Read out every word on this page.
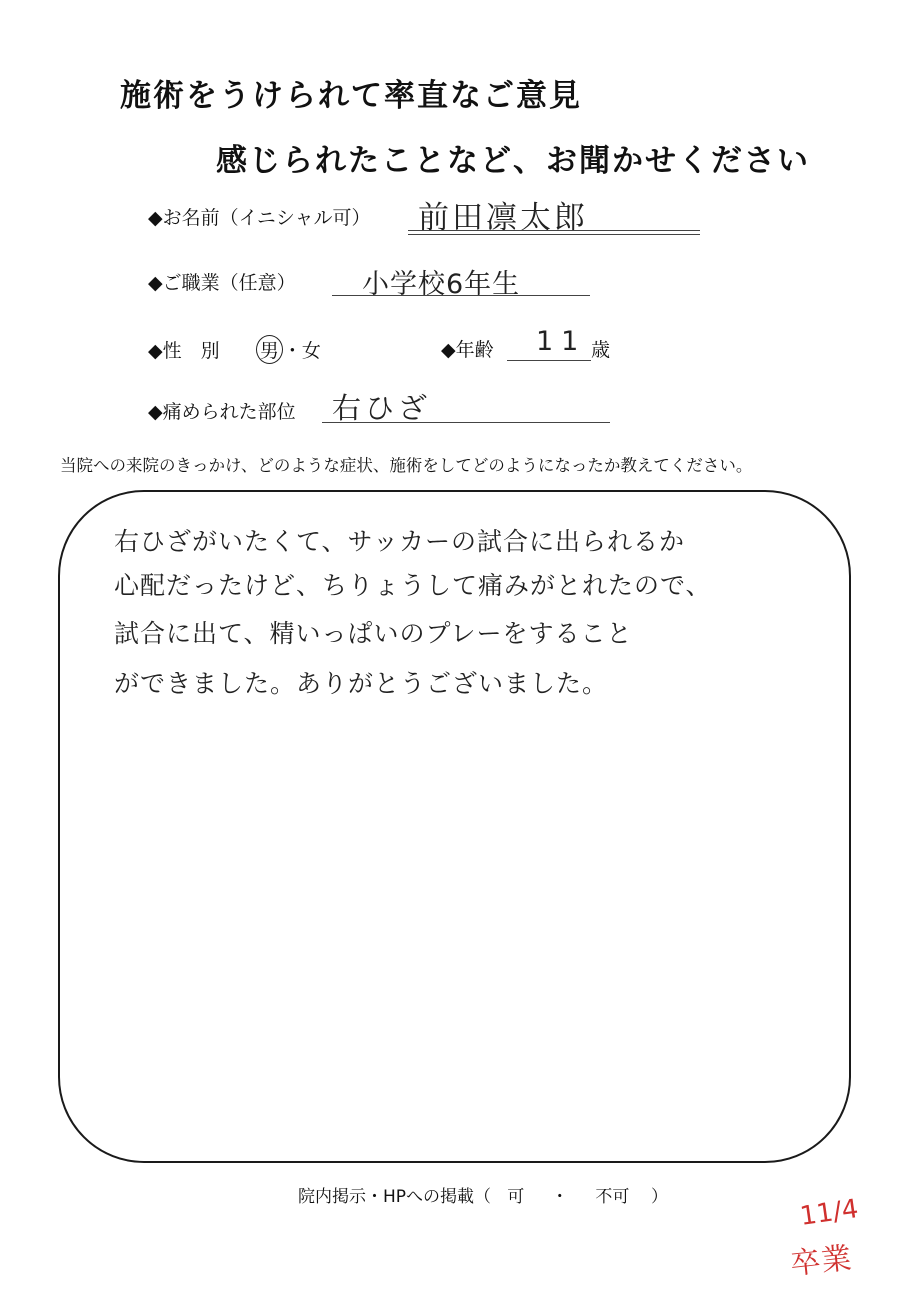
施術をうけられて率直なご意見
感じられたことなど、お聞かせください
◆お名前（イニシャル可） 前田凛太郎
◆ご職業（任意） 小学校6年生
◆性　別 男 ・女	◆年齢 11 歳
◆痛められた部位 右ひざ
当院への来院のきっかけ、どのような症状、施術をしてどのようになったか教えてください。
右ひざがいたくて、サッカーの試合に出られるか
心配だったけど、ちりょうして痛みがとれたので、
試合に出て、精いっぱいのプレーをすること
ができました。ありがとうございました。
院内掲示・HPへの掲載（ 可 ・ 不可 ）	11/4
卒業
